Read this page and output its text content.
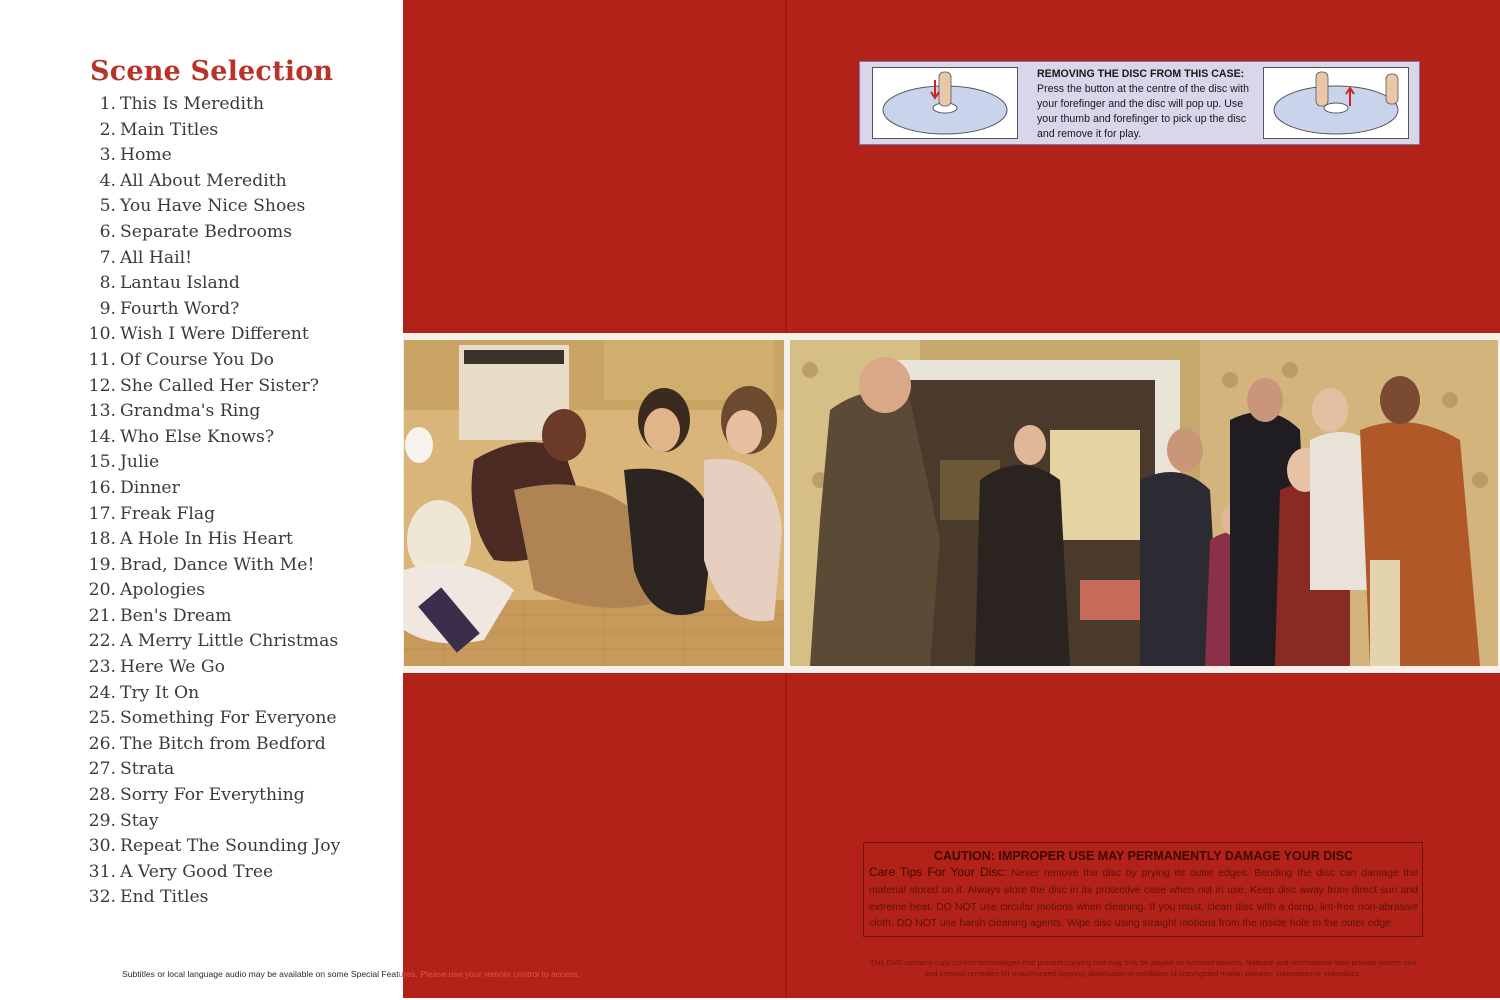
Scene Selection
1. This Is Meredith
2. Main Titles
3. Home
4. All About Meredith
5. You Have Nice Shoes
6. Separate Bedrooms
7. All Hail!
8. Lantau Island
9. Fourth Word?
10. Wish I Were Different
11. Of Course You Do
12. She Called Her Sister?
13. Grandma's Ring
14. Who Else Knows?
15. Julie
16. Dinner
17. Freak Flag
18. A Hole In His Heart
19. Brad, Dance With Me!
20. Apologies
21. Ben's Dream
22. A Merry Little Christmas
23. Here We Go
24. Try It On
25. Something For Everyone
26. The Bitch from Bedford
27. Strata
28. Sorry For Everything
29. Stay
30. Repeat The Sounding Joy
31. A Very Good Tree
32. End Titles
REMOVING THE DISC FROM THIS CASE:
Press the button at the centre of the disc with your forefinger and the disc will pop up. Use your thumb and forefinger to pick up the disc and remove it for play.
CAUTION: IMPROPER USE MAY PERMANENTLY DAMAGE YOUR DISC
Care Tips For Your Disc: Never remove the disc by prying its outer edges. Bending the disc can damage the material stored on it. Always store the disc in its protective case when not in use. Keep disc away from direct sun and extreme heat. DO NOT use circular motions when cleaning. If you must, clean disc with a damp, lint-free non-abrasive cloth. DO NOT use harsh cleaning agents. Wipe disc using straight motions from the inside hole to the outer edge.
This DVD contains copy control technologies that prevent copying and may only be played on licensed devices. National and international laws provide severe civil and criminal remedies for unauthorised copying, distribution or exhibition of copyrighted motion pictures, videotapes or videodiscs.
Subtitles or local language audio may be available on some Special Features. Please use your remote control to access.
